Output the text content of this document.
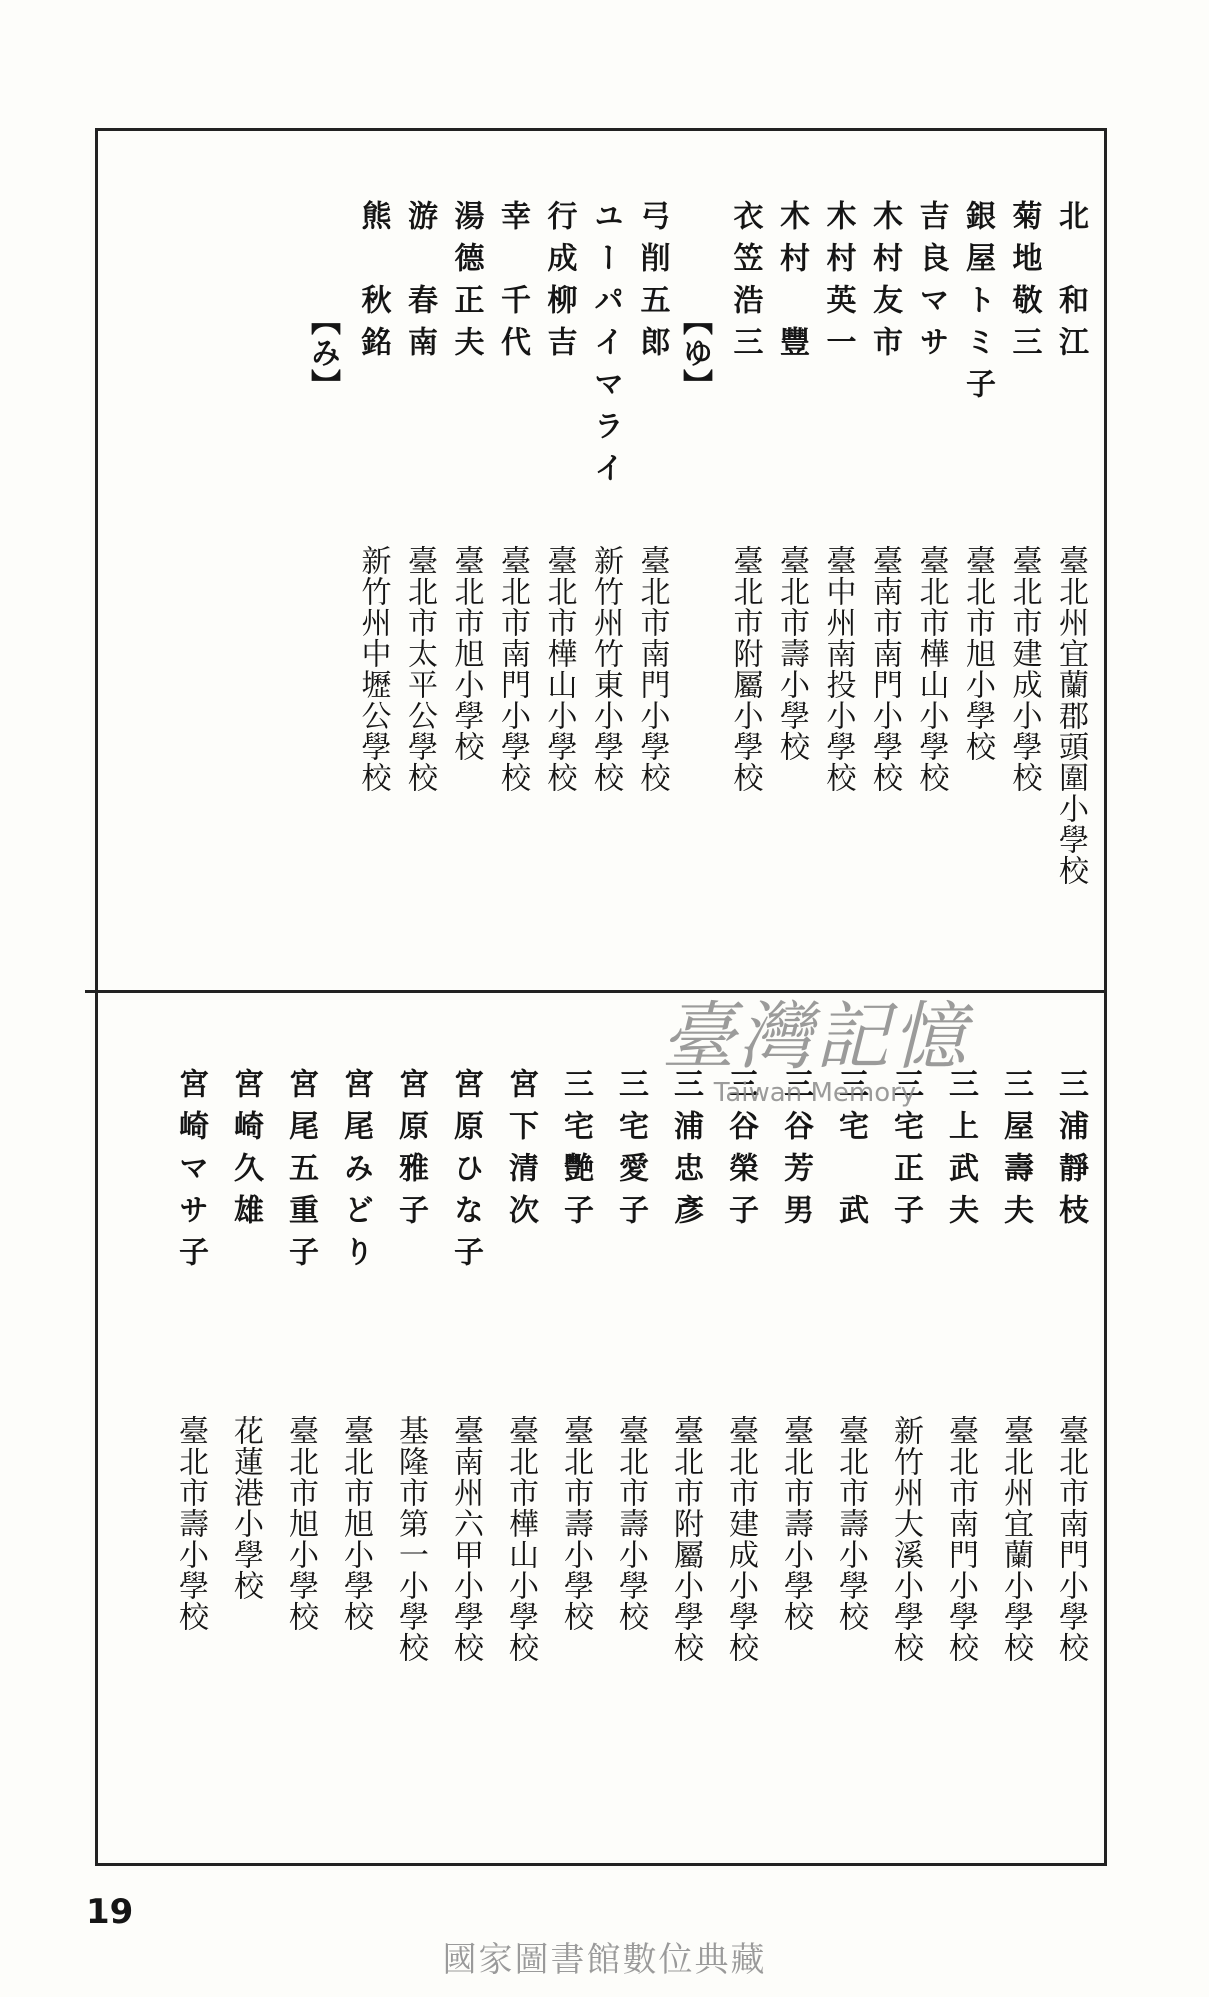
北　和江
臺北州宜蘭郡頭圍小學校
菊地敬三
臺北市建成小學校
銀屋トミ子
臺北市旭小學校
吉良マサ
臺北市樺山小學校
木村友市
臺南市南門小學校
木村英一
臺中州南投小學校
木村　豐
臺北市壽小學校
衣笠浩三
臺北市附屬小學校
【ゆ】
弓削五郎
臺北市南門小學校
ユーパイマライ
新竹州竹東小學校
行成柳吉
臺北市樺山小學校
幸　千代
臺北市南門小學校
湯德正夫
臺北市旭小學校
游　春南
臺北市太平公學校
熊　秋銘
新竹州中壢公學校
【み】
三浦靜枝
臺北市南門小學校
三屋壽夫
臺北州宜蘭小學校
三上武夫
臺北市南門小學校
三宅正子
新竹州大溪小學校
三宅　武
臺北市壽小學校
三谷芳男
臺北市壽小學校
三谷榮子
臺北市建成小學校
三浦忠彥
臺北市附屬小學校
三宅愛子
臺北市壽小學校
三宅艷子
臺北市壽小學校
宮下清次
臺北市樺山小學校
宮原ひな子
臺南州六甲小學校
宮原雅子
基隆市第一小學校
宮尾みどり
臺北市旭小學校
宮尾五重子
臺北市旭小學校
宮崎久雄
花蓮港小學校
宮崎マサ子
臺北市壽小學校
臺灣記憶
Taiwan Memory
19
國家圖書館數位典藏
